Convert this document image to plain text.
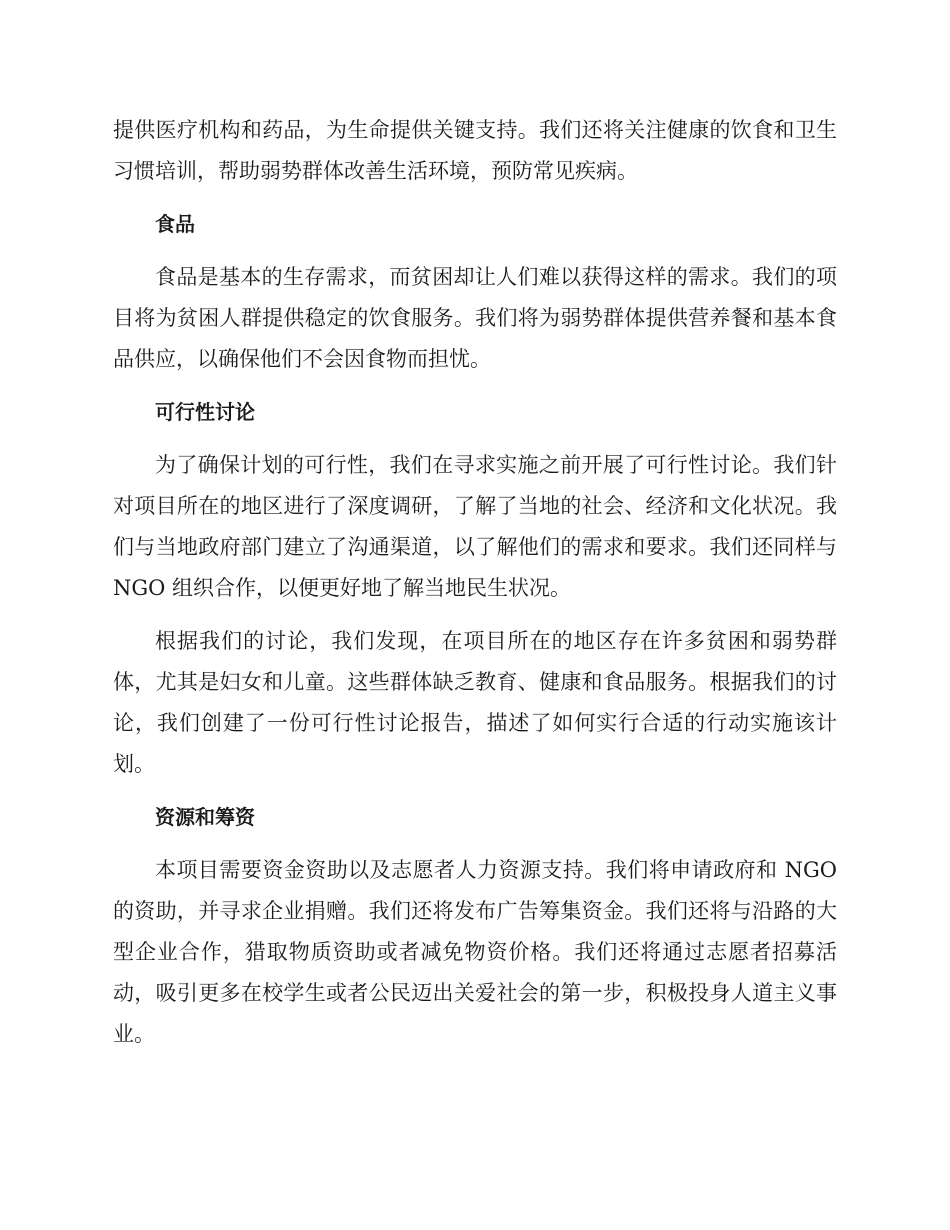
提供医疗机构和药品，为生命提供关键支持。我们还将关注健康的饮食和卫生习惯培训，帮助弱势群体改善生活环境，预防常见疾病。

食品

食品是基本的生存需求，而贫困却让人们难以获得这样的需求。我们的项目将为贫困人群提供稳定的饮食服务。我们将为弱势群体提供营养餐和基本食品供应，以确保他们不会因食物而担忧。

可行性讨论

为了确保计划的可行性，我们在寻求实施之前开展了可行性讨论。我们针对项目所在的地区进行了深度调研，了解了当地的社会、经济和文化状况。我们与当地政府部门建立了沟通渠道，以了解他们的需求和要求。我们还同样与 NGO 组织合作，以便更好地了解当地民生状况。

根据我们的讨论，我们发现，在项目所在的地区存在许多贫困和弱势群体，尤其是妇女和儿童。这些群体缺乏教育、健康和食品服务。根据我们的讨论，我们创建了一份可行性讨论报告，描述了如何实行合适的行动实施该计划。

资源和筹资

本项目需要资金资助以及志愿者人力资源支持。我们将申请政府和 NGO 的资助，并寻求企业捐赠。我们还将发布广告筹集资金。我们还将与沿路的大型企业合作，猎取物质资助或者减免物资价格。我们还将通过志愿者招募活动，吸引更多在校学生或者公民迈出关爱社会的第一步，积极投身人道主义事业。
